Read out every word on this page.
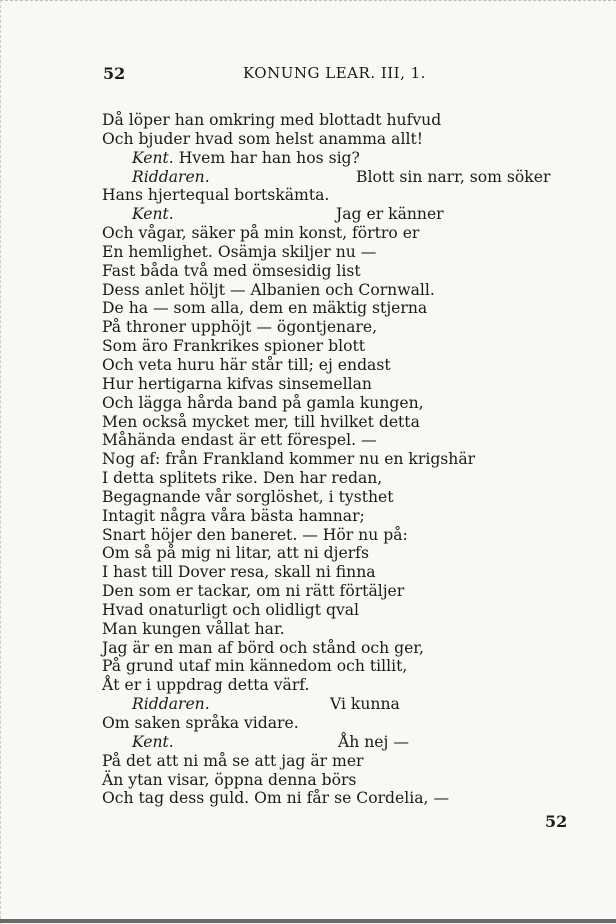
52	KONUNG LEAR. III, 1.
Då löper han omkring med blottadt hufvud
Och bjuder hvad som helst anamma allt!
Kent. Hvem har han hos sig?
Riddaren.	Blott sin narr, som söker
Hans hjertequal bortskämta.
Kent.	Jag er känner
Och vågar, säker på min konst, förtro er
En hemlighet. Osämja skiljer nu —
Fast båda två med ömsesidig list
Dess anlet höljt — Albanien och Cornwall.
De ha — som alla, dem en mäktig stjerna
På throner upphöjt — ögontjenare,
Som äro Frankrikes spioner blott
Och veta huru här står till; ej endast
Hur hertigarna kifvas sinsemellan
Och lägga hårda band på gamla kungen,
Men också mycket mer, till hvilket detta
Måhända endast är ett förespel. —
Nog af: från Frankland kommer nu en krigshär
I detta splitets rike. Den har redan,
Begagnande vår sorglöshet, i tysthet
Intagit några våra bästa hamnar;
Snart höjer den baneret. — Hör nu på:
Om så på mig ni litar, att ni djerfs
I hast till Dover resa, skall ni finna
Den som er tackar, om ni rätt förtäljer
Hvad onaturligt och olidligt qval
Man kungen vållat har.
Jag är en man af börd och stånd och ger,
På grund utaf min kännedom och tillit,
Åt er i uppdrag detta värf.
Riddaren.	Vi kunna
Om saken språka vidare.
Kent.	Åh nej —
På det att ni må se att jag är mer
Än ytan visar, öppna denna börs
Och tag dess guld. Om ni får se Cordelia, —
52
